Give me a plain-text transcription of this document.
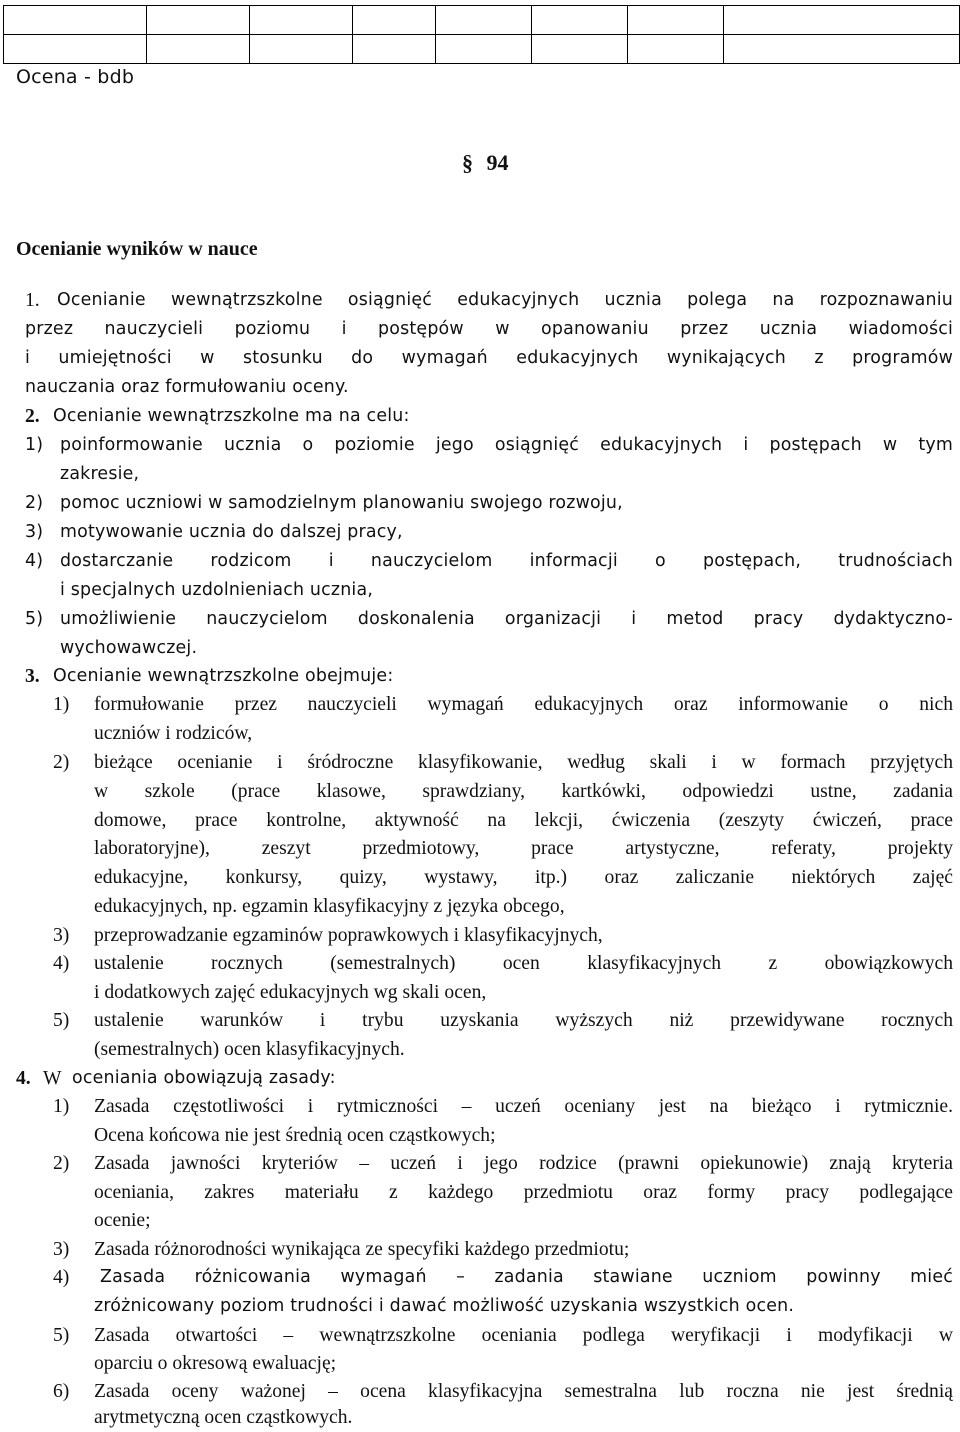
Ocena - bdb
§ 94
Ocenianie wyników w nauce
1. Ocenianie wewnątrzszkolne osiągnięć edukacyjnych ucznia polega na rozpoznawaniu
przez nauczycieli poziomu i postępów w opanowaniu przez ucznia wiadomości
i umiejętności w stosunku do wymagań edukacyjnych wynikających z programów
nauczania oraz formułowaniu oceny.
2. Ocenianie wewnątrzszkolne ma na celu:
1) poinformowanie ucznia o poziomie jego osiągnięć edukacyjnych i postępach w tym
zakresie,
2) pomoc uczniowi w samodzielnym planowaniu swojego rozwoju,
3) motywowanie ucznia do dalszej pracy,
4) dostarczanie rodzicom i nauczycielom informacji o postępach, trudnościach
i specjalnych uzdolnieniach ucznia,
5) umożliwienie nauczycielom doskonalenia organizacji i metod pracy dydaktyczno-
wychowawczej.
3. Ocenianie wewnątrzszkolne obejmuje:
1) formułowanie przez nauczycieli wymagań edukacyjnych oraz informowanie o nich
uczniów i rodziców,
2) bieżące ocenianie i śródroczne klasyfikowanie, według skali i w formach przyjętych
w szkole (prace klasowe, sprawdziany, kartkówki, odpowiedzi ustne, zadania
domowe, prace kontrolne, aktywność na lekcji, ćwiczenia (zeszyty ćwiczeń, prace
laboratoryjne), zeszyt przedmiotowy, prace artystyczne, referaty, projekty
edukacyjne, konkursy, quizy, wystawy, itp.) oraz zaliczanie niektórych zajęć
edukacyjnych, np. egzamin klasyfikacyjny z języka obcego,
3) przeprowadzanie egzaminów poprawkowych i klasyfikacyjnych,
4) ustalenie rocznych (semestralnych) ocen klasyfikacyjnych z obowiązkowych
i dodatkowych zajęć edukacyjnych wg skali ocen,
5) ustalenie warunków i trybu uzyskania wyższych niż przewidywane rocznych
(semestralnych) ocen klasyfikacyjnych.
4. W oceniania obowiązują zasady:
1) Zasada częstotliwości i rytmiczności – uczeń oceniany jest na bieżąco i rytmicznie.
Ocena końcowa nie jest średnią ocen cząstkowych;
2) Zasada jawności kryteriów – uczeń i jego rodzice (prawni opiekunowie) znają kryteria
oceniania, zakres materiału z każdego przedmiotu oraz formy pracy podlegające
ocenie;
3) Zasada różnorodności wynikająca ze specyfiki każdego przedmiotu;
4) Zasada różnicowania wymagań – zadania stawiane uczniom powinny mieć
zróżnicowany poziom trudności i dawać możliwość uzyskania wszystkich ocen.
5) Zasada otwartości – wewnątrzszkolne oceniania podlega weryfikacji i modyfikacji w
oparciu o okresową ewaluację;
6) Zasada oceny ważonej – ocena klasyfikacyjna semestralna lub roczna nie jest średnią
arytmetyczną ocen cząstkowych.
